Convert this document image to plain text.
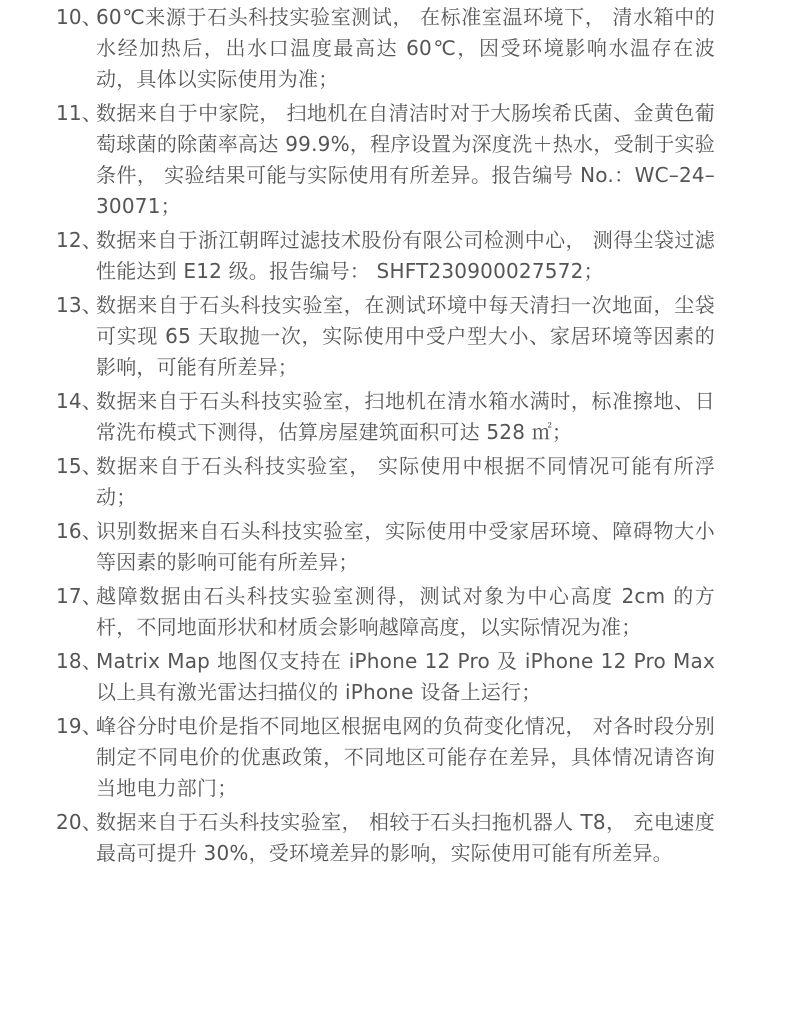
10、
60℃来源于石头科技实验室测试， 在标准室温环境下， 清水箱中的水经加热后，出水口温度最高达 60℃，因受环境影响水温存在波动，具体以实际使用为准；
11、
数据来自于中家院， 扫地机在自清洁时对于大肠埃希氏菌、金黄色葡萄球菌的除菌率高达 99.9%，程序设置为深度洗＋热水，受制于实验条件， 实验结果可能与实际使用有所差异。报告编号 No.：WC–24–30071；
12、
数据来自于浙江朝晖过滤技术股份有限公司检测中心， 测得尘袋过滤性能达到 E12 级。报告编号： SHFT230900027572；
13、
数据来自于石头科技实验室，在测试环境中每天清扫一次地面，尘袋可实现 65 天取抛一次，实际使用中受户型大小、家居环境等因素的影响，可能有所差异；
14、
数据来自于石头科技实验室，扫地机在清水箱水满时，标准擦地、日常洗布模式下测得，估算房屋建筑面积可达 528 ㎡；
15、
数据来自于石头科技实验室， 实际使用中根据不同情况可能有所浮动；
16、
识别数据来自石头科技实验室，实际使用中受家居环境、障碍物大小等因素的影响可能有所差异；
17、
越障数据由石头科技实验室测得，测试对象为中心高度 2cm 的方杆，不同地面形状和材质会影响越障高度，以实际情况为准；
18、
Matrix Map 地图仅支持在 iPhone 12 Pro 及 iPhone 12 Pro Max 以上具有激光雷达扫描仪的 iPhone 设备上运行；
19、
峰谷分时电价是指不同地区根据电网的负荷变化情况， 对各时段分别制定不同电价的优惠政策，不同地区可能存在差异，具体情况请咨询当地电力部门；
20、
数据来自于石头科技实验室， 相较于石头扫拖机器人 T8， 充电速度最高可提升 30%，受环境差异的影响，实际使用可能有所差异。
